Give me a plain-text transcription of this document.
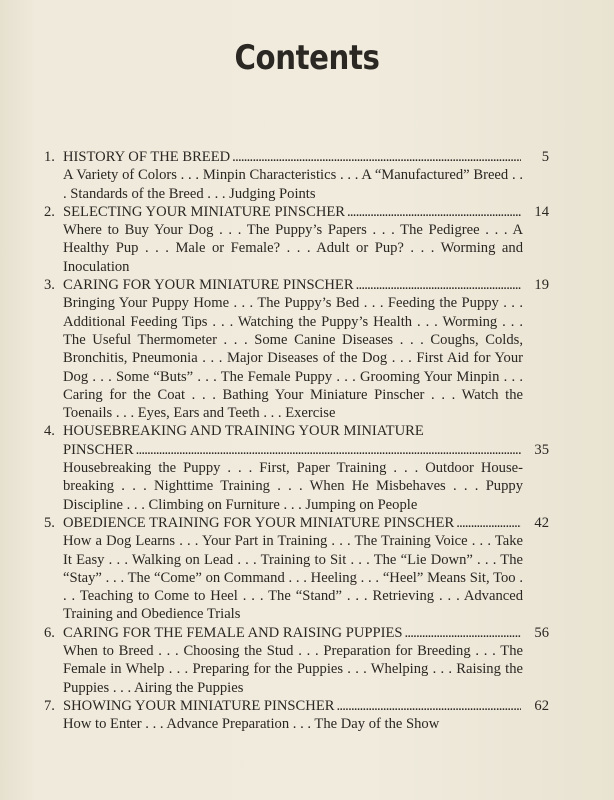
Contents
1. HISTORY OF THE BREED . . .	5
A Variety of Colors . . . Minpin Characteristics . . . A “Manufactured” Breed . . . Standards of the Breed . . . Judging Points
2. SELECTING YOUR MINIATURE PINSCHER . . .	14
Where to Buy Your Dog . . . The Puppy’s Papers . . . The Pedigree . . . A Healthy Pup . . . Male or Female? . . . Adult or Pup? . . . Worming and Inoculation
3. CARING FOR YOUR MINIATURE PINSCHER . . .	19
Bringing Your Puppy Home . . . The Puppy’s Bed . . . Feeding the Puppy . . . Additional Feeding Tips . . . Watching the Puppy’s Health . . . Worming . . . The Useful Thermometer . . . Some Canine Diseases . . . Coughs, Colds, Bronchitis, Pneumonia . . . Major Diseases of the Dog . . . First Aid for Your Dog . . . Some “Buts” . . . The Female Puppy . . . Grooming Your Minpin . . . Caring for the Coat . . . Bathing Your Miniature Pinscher . . . Watch the Toenails . . . Eyes, Ears and Teeth . . . Exercise
4. HOUSEBREAKING AND TRAINING YOUR MINIATURE
PINSCHER . . .	35
Housebreaking the Puppy . . . First, Paper Training . . . Outdoor House-breaking . . . Nighttime Training . . . When He Misbehaves . . . Puppy Discipline . . . Climbing on Furniture . . . Jumping on People
5. OBEDIENCE TRAINING FOR YOUR MINIATURE PINSCHER . . .	42
How a Dog Learns . . . Your Part in Training . . . The Training Voice . . . Take It Easy . . . Walking on Lead . . . Training to Sit . . . The “Lie Down” . . . The “Stay” . . . The “Come” on Command . . . Heeling . . . “Heel” Means Sit, Too . . . Teaching to Come to Heel . . . The “Stand” . . . Retrieving . . . Advanced Training and Obedience Trials
6. CARING FOR THE FEMALE AND RAISING PUPPIES . . .	56
When to Breed . . . Choosing the Stud . . . Preparation for Breeding . . . The Female in Whelp . . . Preparing for the Puppies . . . Whelping . . . Raising the Puppies . . . Airing the Puppies
7. SHOWING YOUR MINIATURE PINSCHER . . .	62
How to Enter . . . Advance Preparation . . . The Day of the Show
